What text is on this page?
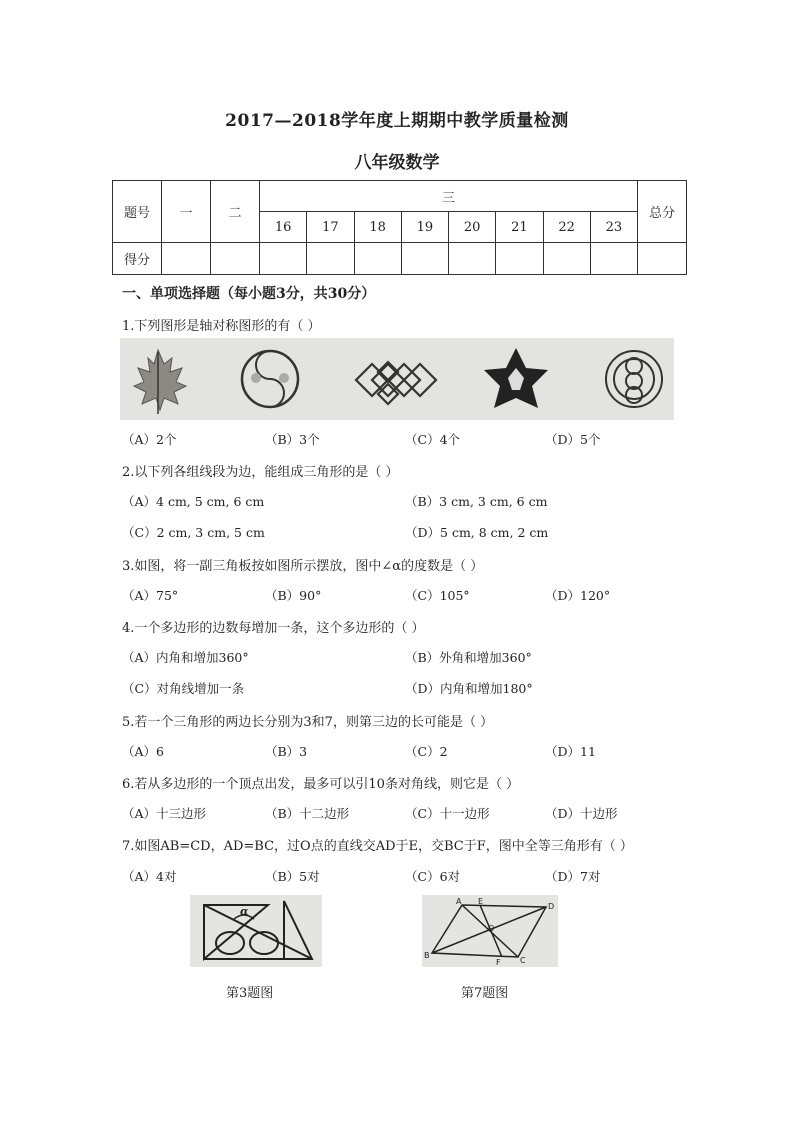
2017—2018学年度上期期中教学质量检测
八年级数学
题号	一	二	三								总分
			16	17	18	19	20	21	22	23	
得分											
一、单项选择题（每小题3分，共30分）
1.下列图形是轴对称图形的有（ ）
（A）2个	（B）3个	（C）4个	（D）5个
2.以下列各组线段为边，能组成三角形的是（ ）
（A）4 cm, 5 cm, 6 cm	（B）3 cm, 3 cm, 6 cm
（C）2 cm, 3 cm, 5 cm	（D）5 cm, 8 cm, 2 cm
3.如图，将一副三角板按如图所示摆放，图中∠α的度数是（ ）
（A）75°	（B）90°	（C）105°	（D）120°
4.一个多边形的边数每增加一条，这个多边形的（ ）
（A）内角和增加360°	（B）外角和增加360°
（C）对角线增加一条	（D）内角和增加180°
5.若一个三角形的两边长分别为3和7，则第三边的长可能是（ ）
（A）6	（B）3	（C）2	（D）11
6.若从多边形的一个顶点出发，最多可以引10条对角线，则它是（ ）
（A）十三边形	（B）十二边形	（C）十一边形	（D）十边形
7.如图AB=CD，AD=BC，过O点的直线交AD于E，交BC于F，图中全等三角形有（ ）
（A）4对	（B）5对	（C）6对	（D）7对
α
第3题图
A E
O
D
B
F C
第7题图
